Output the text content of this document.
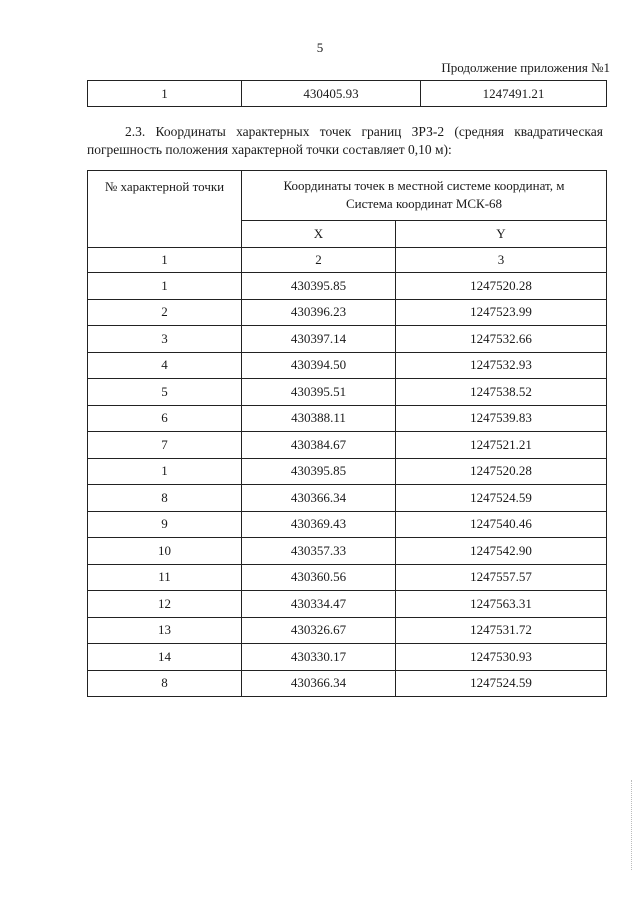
5
Продолжение приложения №1
1	430405.93	1247491.21

2.3. Координаты характерных точек границ ЗРЗ-2 (средняя квадратическая погрешность положения характерной точки составляет 0,10 м):

№ характерной точки	Координаты точек в местной системе координат, м
Система координат МСК-68	

	X	Y
1	2	3
1	430395.85	1247520.28
2	430396.23	1247523.99
3	430397.14	1247532.66
4	430394.50	1247532.93
5	430395.51	1247538.52
6	430388.11	1247539.83
7	430384.67	1247521.21
1	430395.85	1247520.28
8	430366.34	1247524.59
9	430369.43	1247540.46
10	430357.33	1247542.90
11	430360.56	1247557.57
12	430334.47	1247563.31
13	430326.67	1247531.72
14	430330.17	1247530.93
8	430366.34	1247524.59
